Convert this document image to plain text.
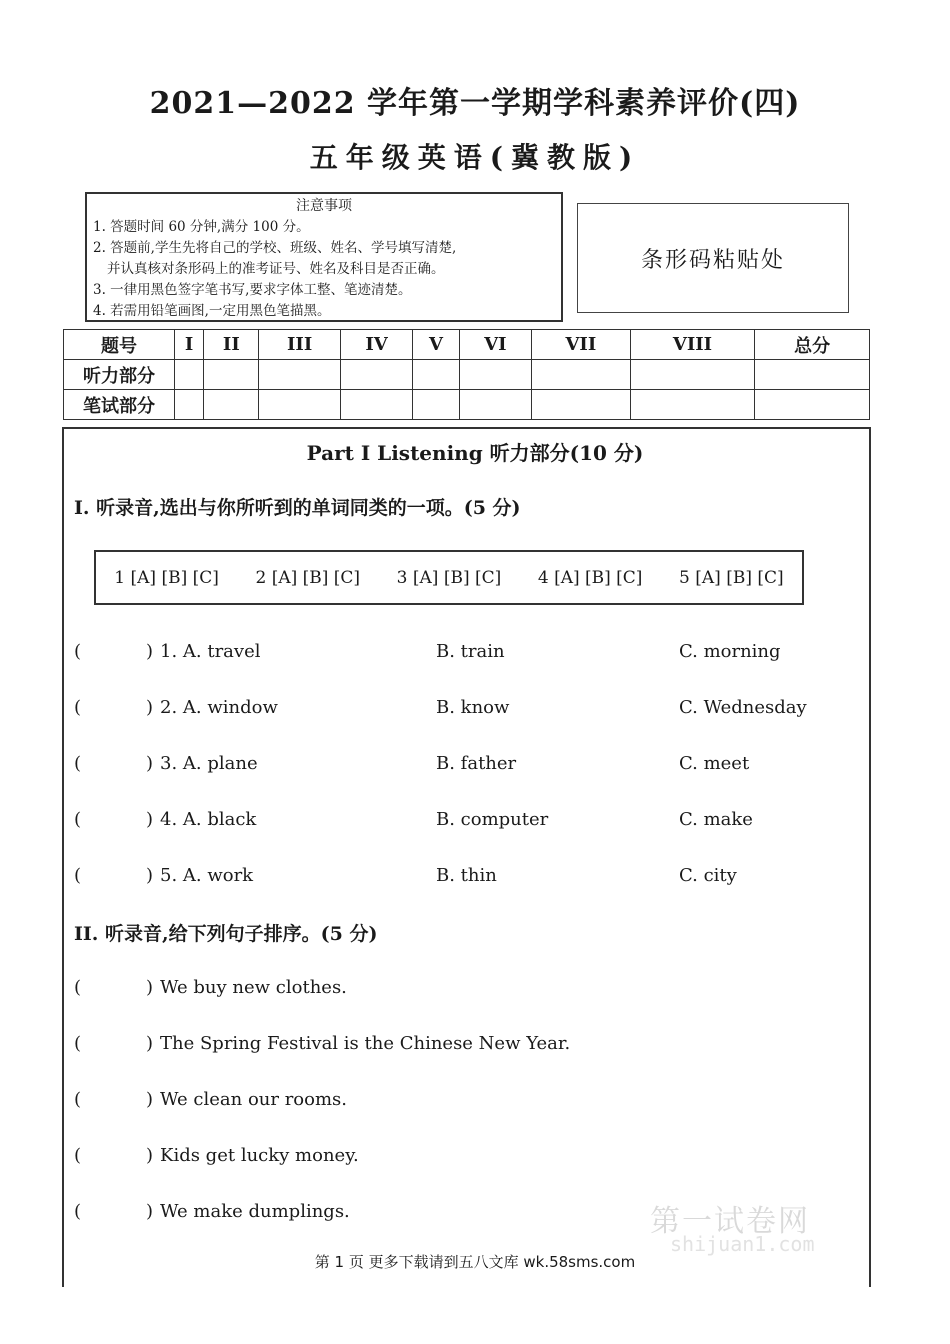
2021—2022 学年第一学期学科素养评价(四)
五年级英语(冀教版)
注意事项
1. 答题时间 60 分钟,满分 100 分。
2. 答题前,学生先将自己的学校、班级、姓名、学号填写清楚,
并认真核对条形码上的准考证号、姓名及科目是否正确。
3. 一律用黑色签字笔书写,要求字体工整、笔迹清楚。
4. 若需用铅笔画图,一定用黑色笔描黑。
条形码粘贴处
题号	I	II	III	IV	V	VI	VII	VIII	总分
听力部分									
笔试部分									
Part I Listening 听力部分(10 分)
I. 听录音,选出与你所听到的单词同类的一项。(5 分)
1 [A] [B] [C] 2 [A] [B] [C] 3 [A] [B] [C] 4 [A] [B] [C] 5 [A] [B] [C]
(	) 1. A. travel	B. train	C. morning
(	) 2. A. window	B. know	C. Wednesday
(	) 3. A. plane	B. father	C. meet
(	) 4. A. black	B. computer	C. make
(	) 5. A. work	B. thin	C. city
II. 听录音,给下列句子排序。(5 分)
(	) We buy new clothes.
(	) The Spring Festival is the Chinese New Year.
(	) We clean our rooms.
(	) Kids get lucky money.
(	) We make dumplings.	第一试卷网
shijuan1.com
第 1 页 更多下载请到五八文库 wk.58sms.com
